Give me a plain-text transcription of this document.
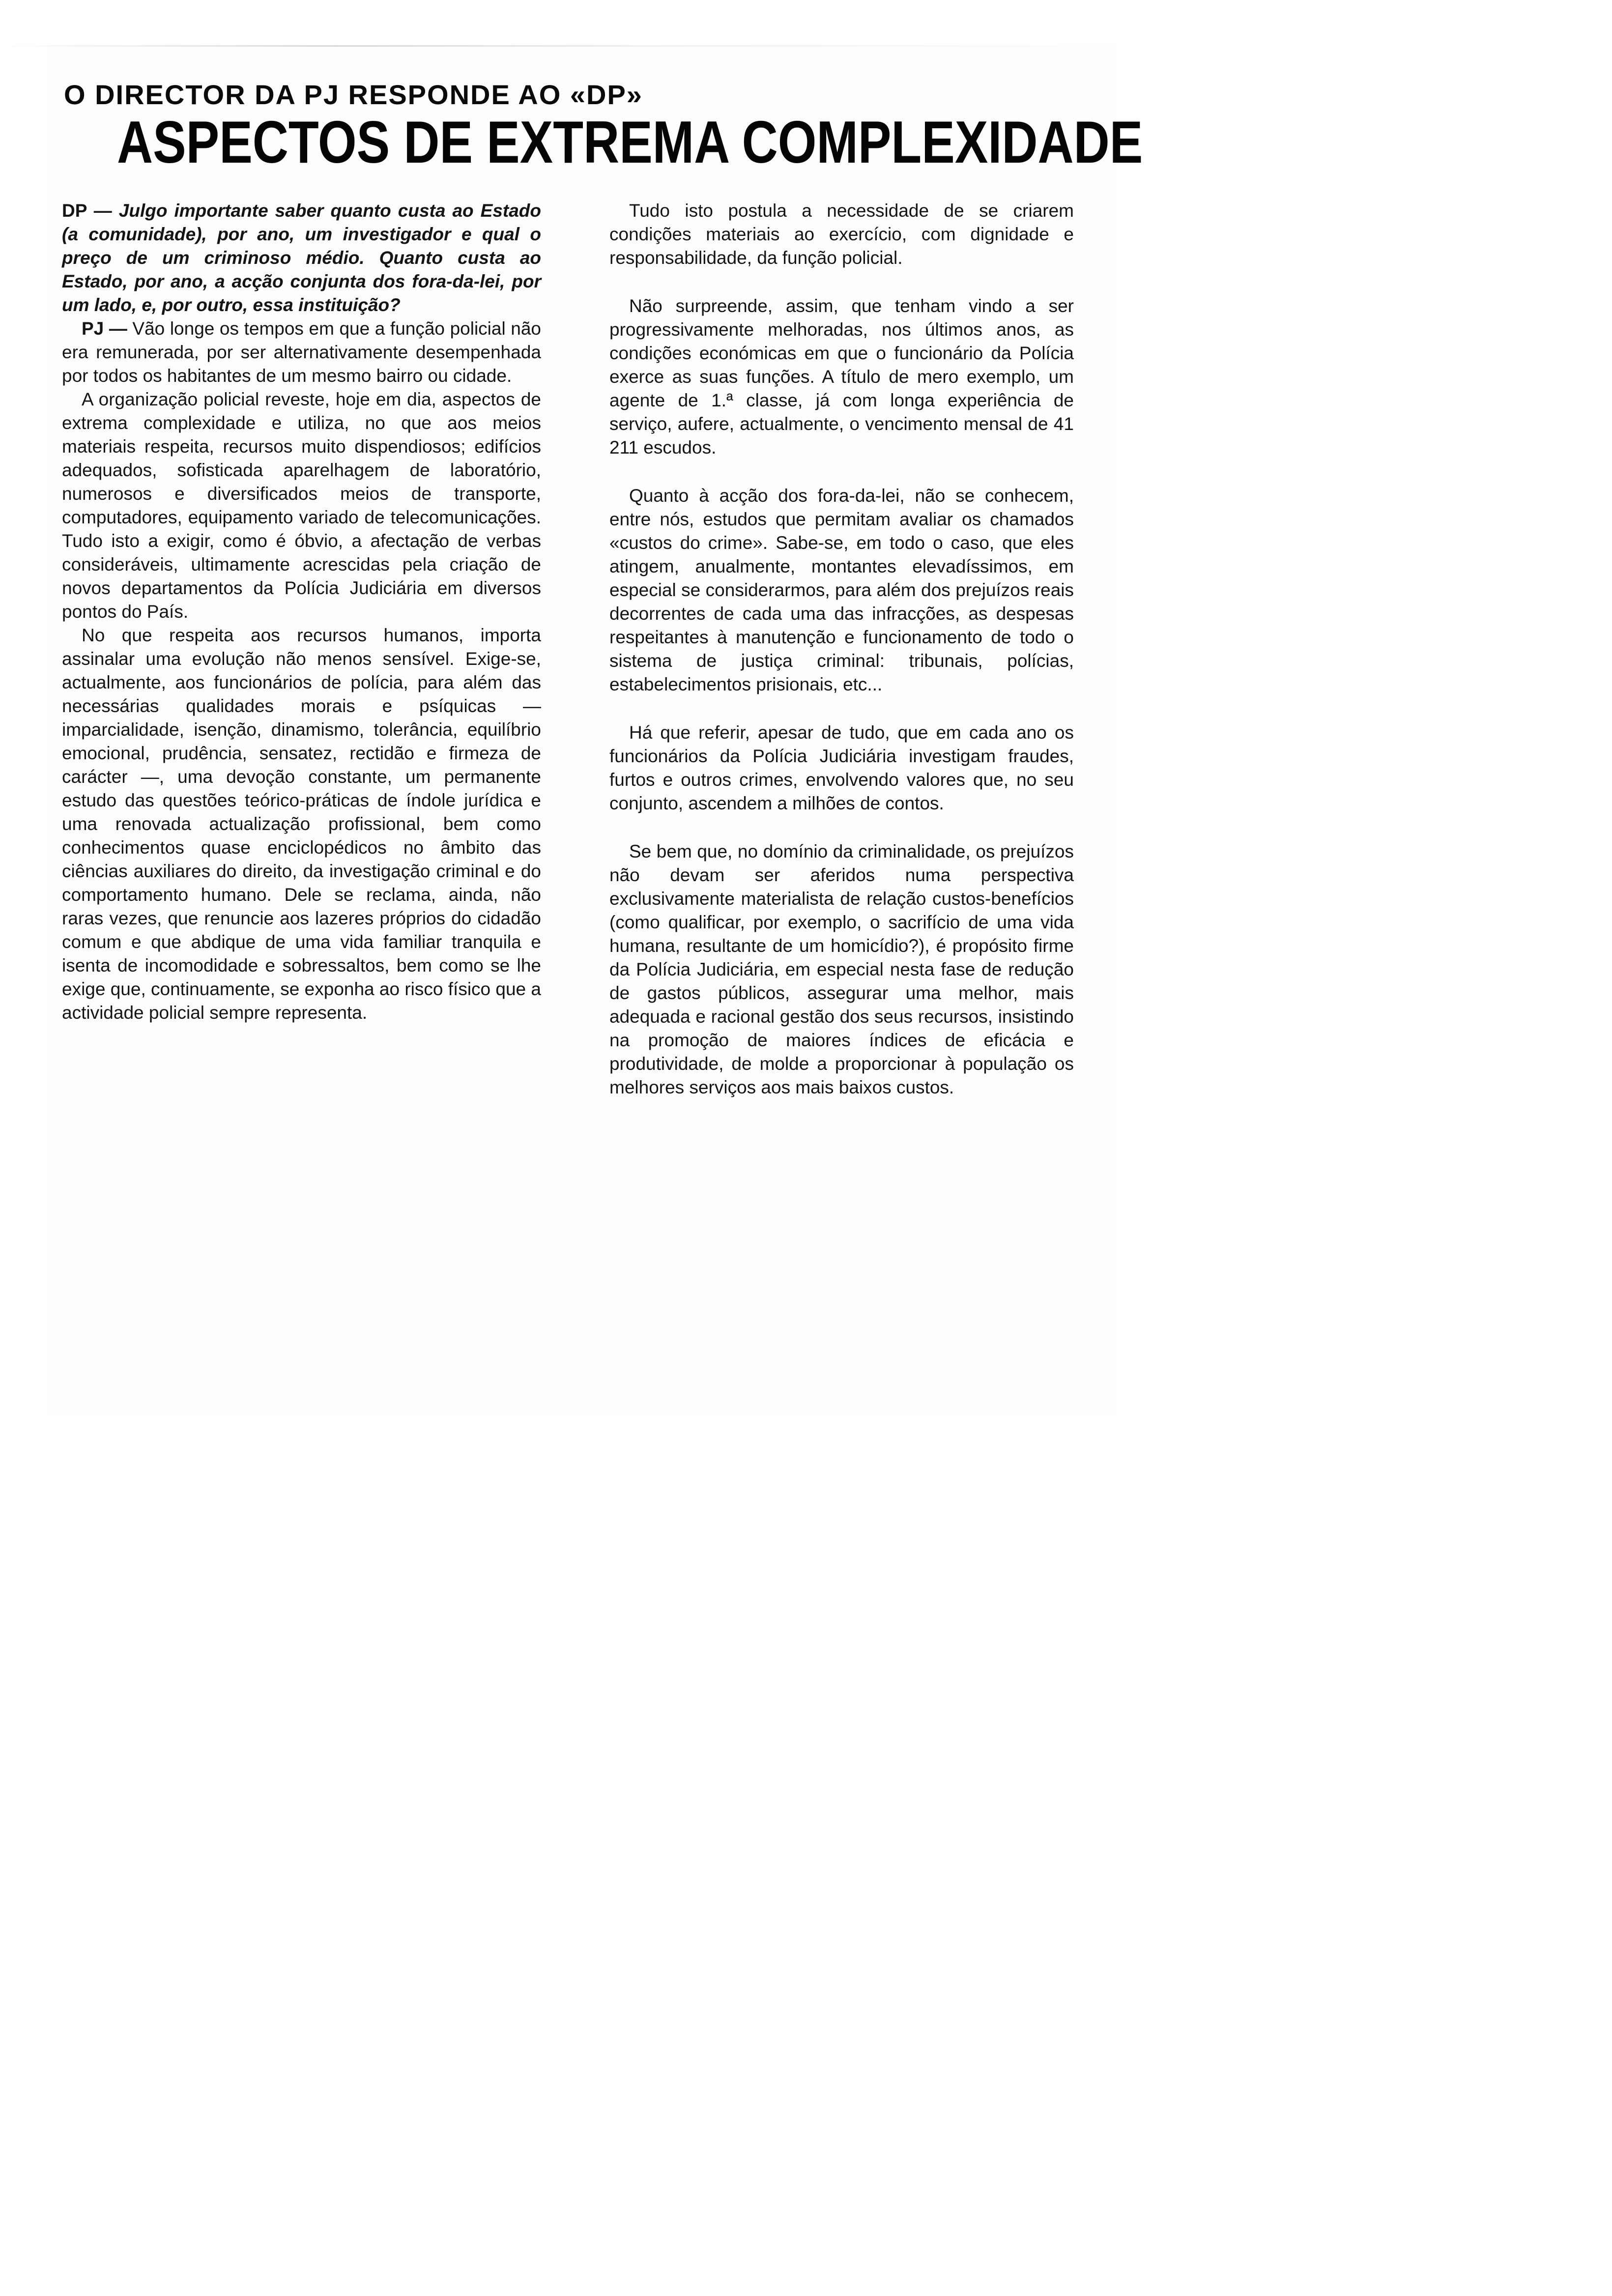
O DIRECTOR DA PJ RESPONDE AO «DP»
ASPECTOS DE EXTREMA COMPLEXIDADE

DP — Julgo importante saber quanto custa ao Estado (a comunidade), por ano, um investigador e qual o preço de um criminoso médio. Quanto custa ao Estado, por ano, a acção conjunta dos fora-da-lei, por um lado, e, por outro, essa instituição?

PJ — Vão longe os tempos em que a função policial não era remunerada, por ser alternativamente desempenhada por todos os habitantes de um mesmo bairro ou cidade.

A organização policial reveste, hoje em dia, aspectos de extrema complexidade e utiliza, no que aos meios materiais respeita, recursos muito dispendiosos; edifícios adequados, sofisticada aparelhagem de laboratório, numerosos e diversificados meios de transporte, computadores, equipamento variado de telecomunicações. Tudo isto a exigir, como é óbvio, a afectação de verbas consideráveis, ultimamente acrescidas pela criação de novos departamentos da Polícia Judiciária em diversos pontos do País.

No que respeita aos recursos humanos, importa assinalar uma evolução não menos sensível. Exige-se, actualmente, aos funcionários de polícia, para além das necessárias qualidades morais e psíquicas — imparcialidade, isenção, dinamismo, tolerância, equilíbrio emocional, prudência, sensatez, rectidão e firmeza de carácter —, uma devoção constante, um permanente estudo das questões teórico-práticas de índole jurídica e uma renovada actualização profissional, bem como conhecimentos quase enciclopédicos no âmbito das ciências auxiliares do direito, da investigação criminal e do comportamento humano. Dele se reclama, ainda, não raras vezes, que renuncie aos lazeres próprios do cidadão comum e que abdique de uma vida familiar tranquila e isenta de incomodidade e sobressaltos, bem como se lhe exige que, continuamente, se exponha ao risco físico que a actividade policial sempre representa.

Tudo isto postula a necessidade de se criarem condições materiais ao exercício, com dignidade e responsabilidade, da função policial.

Não surpreende, assim, que tenham vindo a ser progressivamente melhoradas, nos últimos anos, as condições económicas em que o funcionário da Polícia exerce as suas funções. A título de mero exemplo, um agente de 1.ª classe, já com longa experiência de serviço, aufere, actualmente, o vencimento mensal de 41 211 escudos.

Quanto à acção dos fora-da-lei, não se conhecem, entre nós, estudos que permitam avaliar os chamados «custos do crime». Sabe-se, em todo o caso, que eles atingem, anualmente, montantes elevadíssimos, em especial se considerarmos, para além dos prejuízos reais decorrentes de cada uma das infracções, as despesas respeitantes à manutenção e funcionamento de todo o sistema de justiça criminal: tribunais, polícias, estabelecimentos prisionais, etc...

Há que referir, apesar de tudo, que em cada ano os funcionários da Polícia Judiciária investigam fraudes, furtos e outros crimes, envolvendo valores que, no seu conjunto, ascendem a milhões de contos.

Se bem que, no domínio da criminalidade, os prejuízos não devam ser aferidos numa perspectiva exclusivamente materialista de relação custos-benefícios (como qualificar, por exemplo, o sacrifício de uma vida humana, resultante de um homicídio?), é propósito firme da Polícia Judiciária, em especial nesta fase de redução de gastos públicos, assegurar uma melhor, mais adequada e racional gestão dos seus recursos, insistindo na promoção de maiores índices de eficácia e produtividade, de molde a proporcionar à população os melhores serviços aos mais baixos custos.
